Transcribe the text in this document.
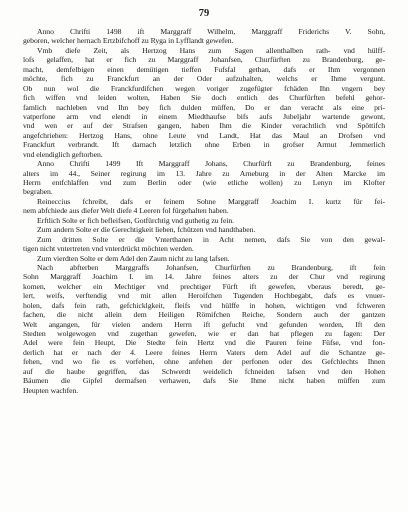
79
Anno Chrifti 1498 ift Marggraff Wilhelm, Marggraff Friderichs V. Sohn,
geboren, welcher hernach Ertzbifchoff zu Ryga in Lyfflandt gewefen.
Vmb diefe Zeit, als Hertzog Hans zum Sagen allenthalben rath- vnd hülff-
lofs gelaffen, hat er fich zu Marggraff Johanfsen, Churfürften zu Brandenburg, ge-
macht, demfelbigen einen demütigen tieffen Fufsfal gethan, dafs er Ihm vergonnen
möchte, fich zu Franckfurt an der Oder aufzuhalten, welchs er Ihme vergunt.
Ob nun wol die Franckfurdifchen wegen voriger zugefügter fchäden Ihn vngern bey
fich wiffen vnd leiden wolten, Haben Sie doch entlich des Churfürften befehl gehor-
famlich nachleben vnd Ihn bey fich dulden müffen, Do er dan veracht als eine pri-
vatperfone arm vnd elendt in einem Miedthaufse bifs aufs Jubeljahr wartende gewont,
vnd wen er auf der Strafsen gangen, haben Ihm die Kinder verachtlich vnd Spöttifch
angefchriehen: Hertzog Hans, ohne Leute vnd Landt, Hat das Maul an Drofsen vnd
Franckfurt verbrandt. Ift darnach letzlich ohne Erben in grofser Armut Jemmerlich
vnd elendiglich geftorben.
Anno Chrifti 1499 Ift Marggraff Johans, Churfürft zu Brandenburg, feines
alters im 44., Seiner regirung im 13. Jahre zu Arneburg in der Alten Marcke im
Herrn entfchlaffen vnd zum Berlin oder (wie etliche wollen) zu Lenyn im Klofter
begraben.
Reineccius fchreibt, dafs er feinem Sohne Marggraff Joachim I. kurtz für fei-
nem abfchiede aus diefer Welt diefe 4 Leeren fol fürgehalten haben.
Erftlich Solte er fich befleifsen, Gotfürchtig vnd guthetig zu fein.
Zum andern Solte er die Gerechtigkeit lieben, fchützen vnd handthaben.
Zum dritten Solte er die Vnterthanen in Acht nemen, dafs Sie von den gewal-
tigen nicht vntertreten vnd vnterdrückt möchten werden.
Zum vierdten Solte er dem Adel den Zaum nicht zu lang lafsen.
Nach abfterben Marggraffs Johanfsen, Churfürften zu Brandenburg, ift fein
Sohn Marggraff Joachim I. im 14. Jahre feines alters zu der Chur vnd regirung
komen, welcher ein Mechtiger vnd prechtiger Fürft ift gewefen, vberaus beredt, ge-
lert, weifs, verftendig vnd mit allen Heroifchen Tugenden Hochbegabt, dafs es vnuer-
holen, dafs fein rath, gefchicklgkeit, fleifs vnd hülffe in hohen, wichtigen vnd fchweren
fachen, die nicht allein dem Heiligen Römifchen Reiche, Sondern auch der gantzen
Welt angangen, für vielen andern Herrn ift gefucht vnd gefunden worden, Ift den
Stedten wolgewogen vnd zugethan gewefen, wie er dan hat pflegen zu fagen: Der
Adel were fein Heupt, Die Stedte fein Hertz vnd die Pauren feine Füfse, vnd fon-
derlich hat er nach der 4. Leere feines Herrn Vaters dem Adel auf die Schantze ge-
fehen, vnd wo fie es vorfehen, ohne anfehen der perfonen oder des Gefchlechts Ihnen
auf die haube gegriffen, das Schwerdt weidelich fchneiden lafsen vnd den Hohen
Bäumen die Gipfel dermafsen verhawen, dafs Sie Ihme nicht haben müffen zum
Heupten wachfen.
